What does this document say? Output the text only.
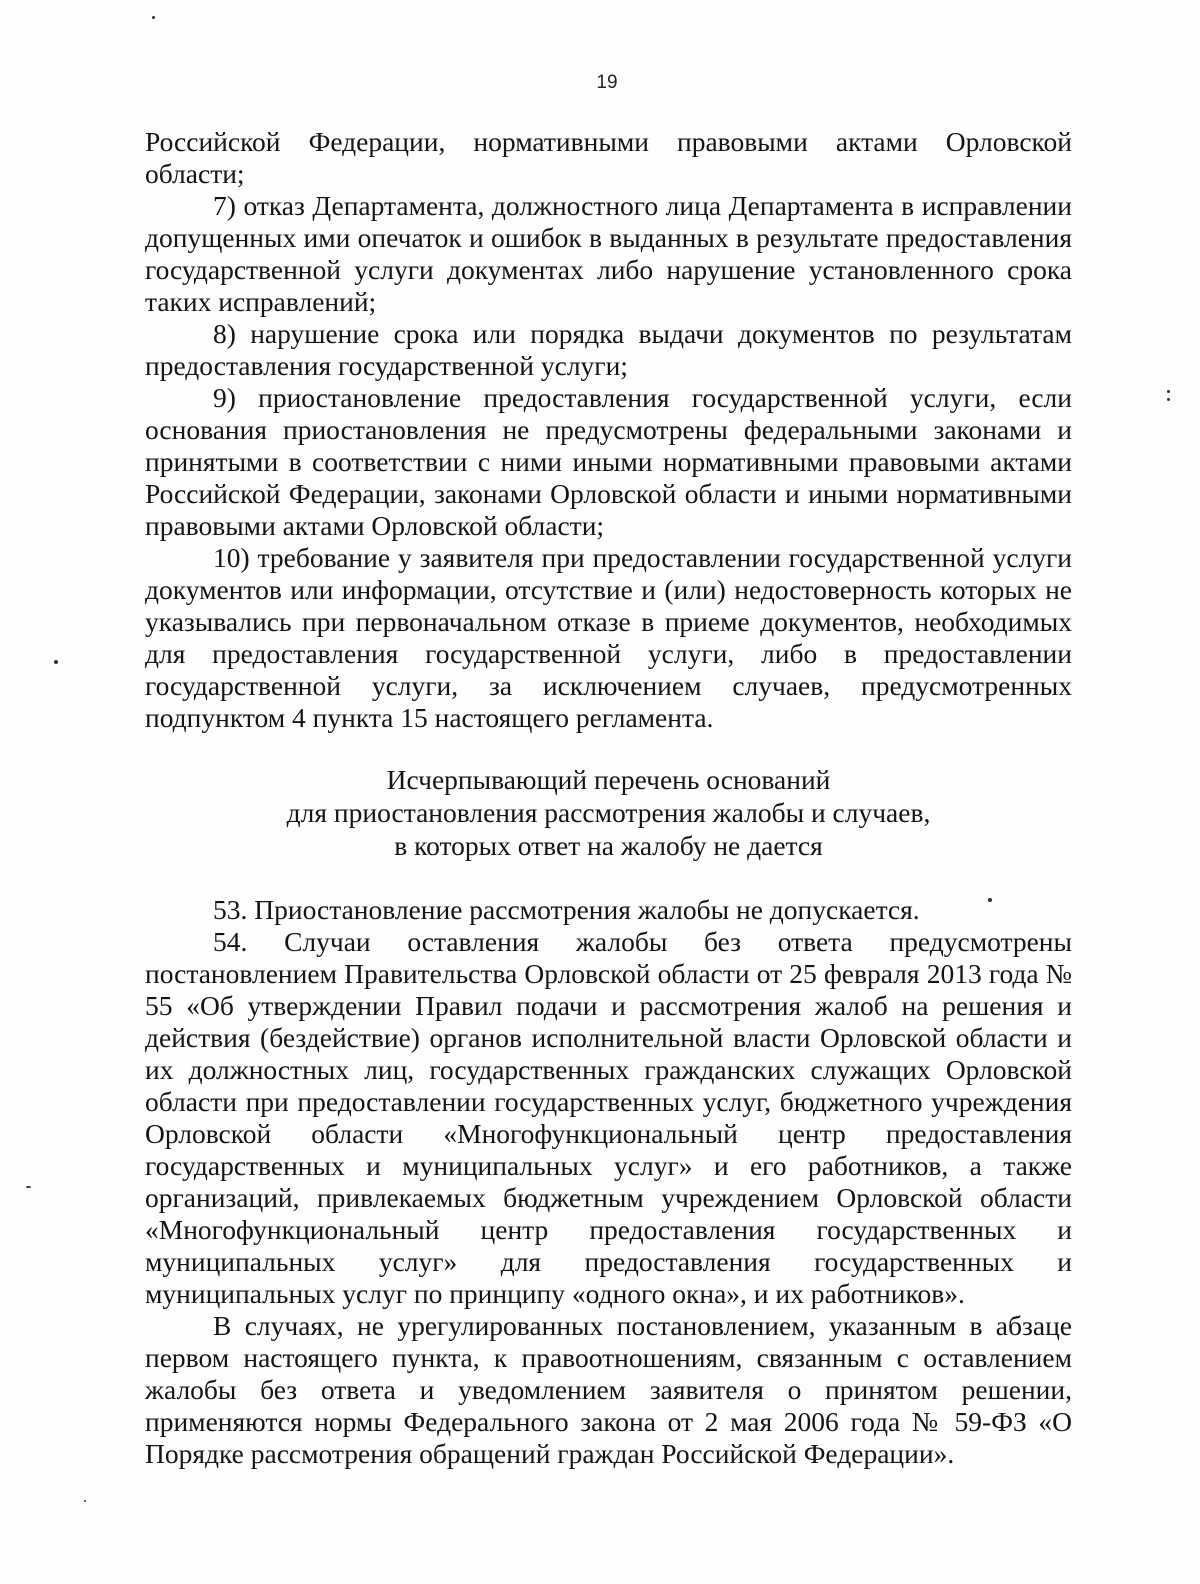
19

Российской Федерации, нормативными правовыми актами Орловской области;

7) отказ Департамента, должностного лица Департамента в исправлении допущенных ими опечаток и ошибок в выданных в результате предоставления государственной услуги документах либо нарушение установленного срока таких исправлений;

8) нарушение срока или порядка выдачи документов по результатам предоставления государственной услуги;

9) приостановление предоставления государственной услуги, если основания приостановления не предусмотрены федеральными законами и принятыми в соответствии с ними иными нормативными правовыми актами Российской Федерации, законами Орловской области и иными нормативными правовыми актами Орловской области;

10) требование у заявителя при предоставлении государственной услуги документов или информации, отсутствие и (или) недостоверность которых не указывались при первоначальном отказе в приеме документов, необходимых для предоставления государственной услуги, либо в предоставлении государственной услуги, за исключением случаев, предусмотренных подпунктом 4 пункта 15 настоящего регламента.

Исчерпывающий перечень оснований
для приостановления рассмотрения жалобы и случаев,
в которых ответ на жалобу не дается

53. Приостановление рассмотрения жалобы не допускается.

54. Случаи оставления жалобы без ответа предусмотрены постановлением Правительства Орловской области от 25 февраля 2013 года № 55 «Об утверждении Правил подачи и рассмотрения жалоб на решения и действия (бездействие) органов исполнительной власти Орловской области и их должностных лиц, государственных гражданских служащих Орловской области при предоставлении государственных услуг, бюджетного учреждения Орловской области «Многофункциональный центр предоставления государственных и муниципальных услуг» и его работников, а также организаций, привлекаемых бюджетным учреждением Орловской области «Многофункциональный центр предоставления государственных и муниципальных услуг» для предоставления государственных и муниципальных услуг по принципу «одного окна», и их работников».

В случаях, не урегулированных постановлением, указанным в абзаце первом настоящего пункта, к правоотношениям, связанным с оставлением жалобы без ответа и уведомлением заявителя о принятом решении, применяются нормы Федерального закона от 2 мая 2006 года № 59-ФЗ «О Порядке рассмотрения обращений граждан Российской Федерации».
